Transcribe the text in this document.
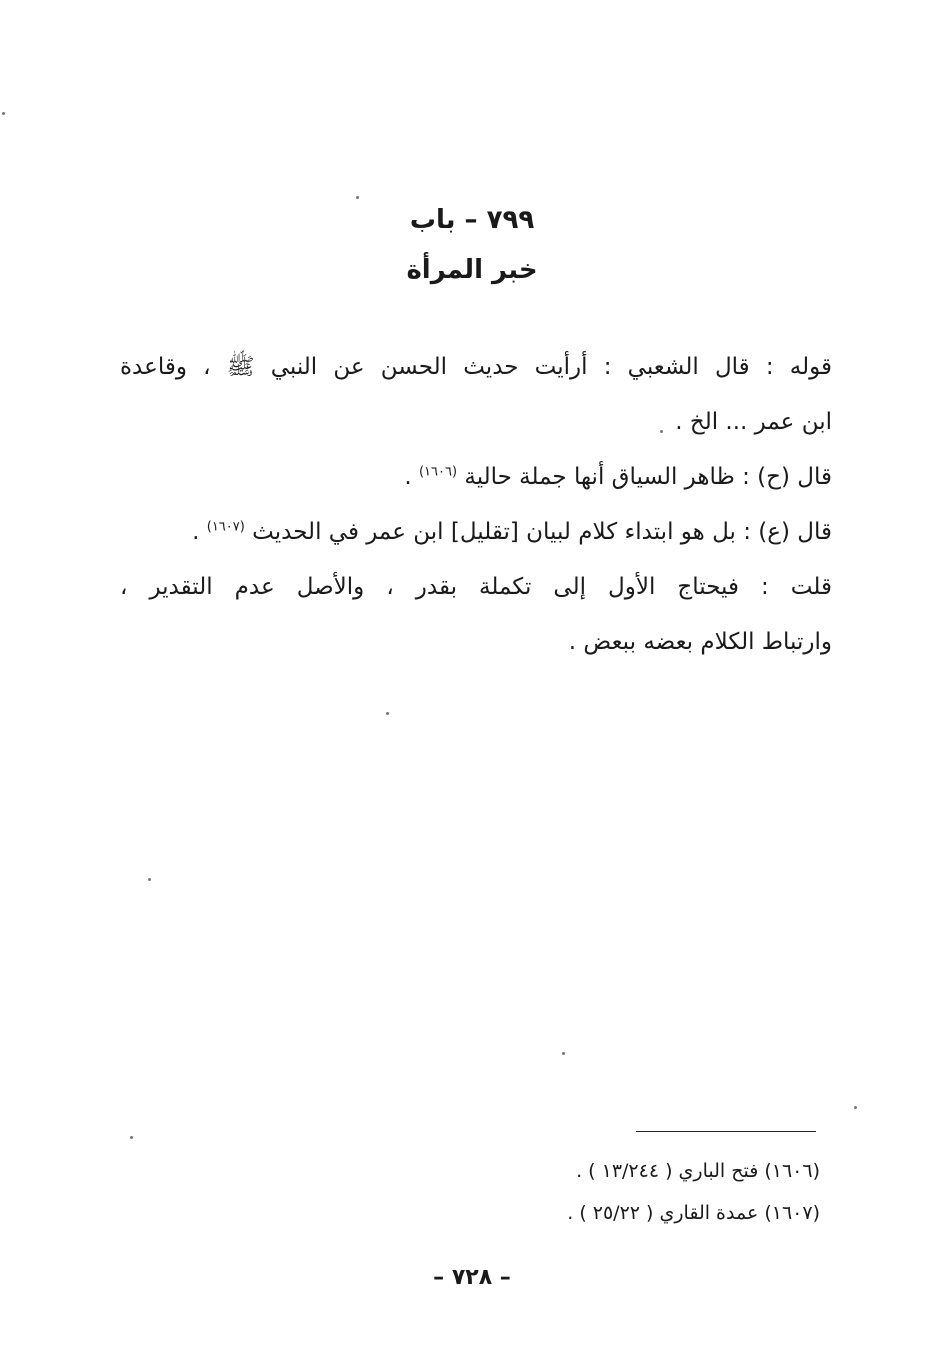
٧٩٩ – باب
خبر المرأة

قوله : قال الشعبي : أرأيت حديث الحسن عن النبي ﷺ ، وقاعدة
ابن عمر ... الخ .

قال (ح) : ظاهر السياق أنها جملة حالية $^{(١٦٠٦)}$ .

قال (ع) : بل هو ابتداء كلام لبيان [تقليل] ابن عمر في الحديث $^{(١٦٠٧)}$ .

قلت : فيحتاج الأول إلى تكملة بقدر ، والأصل عدم التقدير ،
وارتباط الكلام بعضه ببعض .

(١٦٠٦) فتح الباري ( ١٣/٢٤٤ ) .

(١٦٠٧) عمدة القاري ( ٢٥/٢٢ ) .

– ٧٢٨ –
